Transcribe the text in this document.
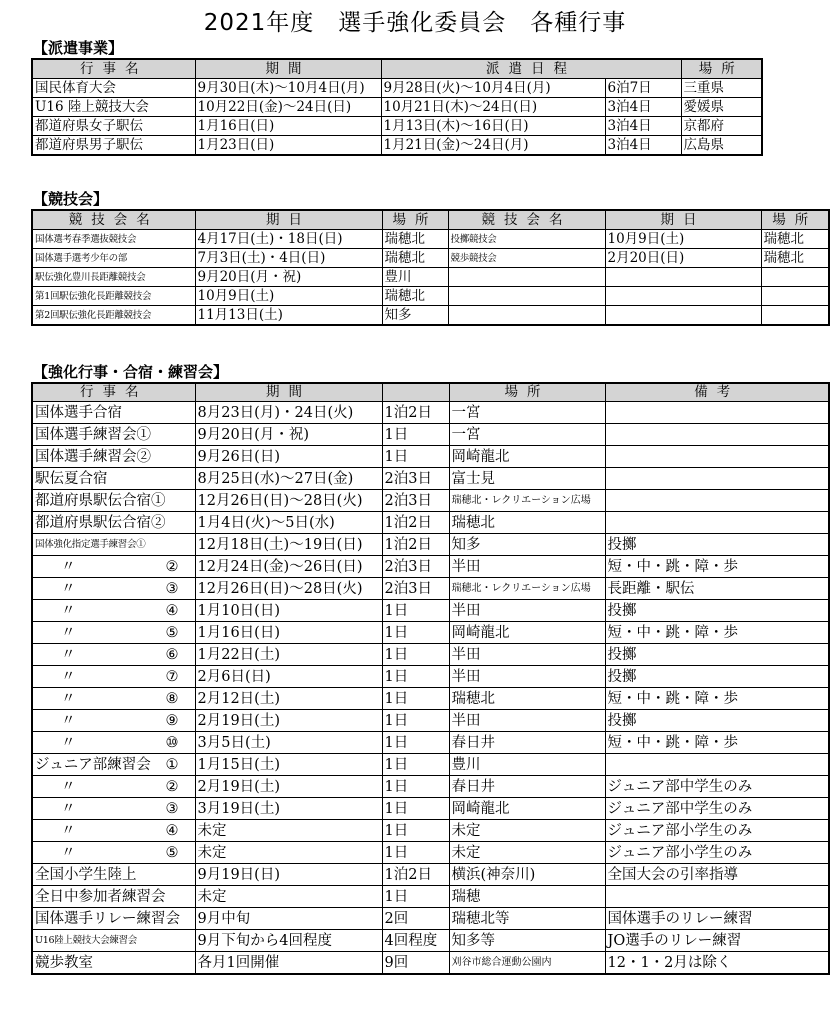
2021年度　選手強化委員会　各種行事
【派遣事業】
行事名	期間	派遣日程		場所
国民体育大会	9月30日(木)～10月4日(月)	9月28日(火)～10月4日(月)	6泊7日	三重県
U16 陸上競技大会	10月22日(金)～24日(日)	10月21日(木)～24日(日)	3泊4日	愛媛県
都道府県女子駅伝	1月16日(日)	1月13日(木)～16日(日)	3泊4日	京都府
都道府県男子駅伝	1月23日(日)	1月21日(金)～24日(月)	3泊4日	広島県
【競技会】
競技会名	期日	場所	競技会名	期日	場所
国体選考春季選抜競技会	4月17日(土)・18日(日)	瑞穂北	投擲競技会	10月9日(土)	瑞穂北
国体選手選考少年の部	7月3日(土)・4日(日)	瑞穂北	競歩競技会	2月20日(日)	瑞穂北
駅伝強化豊川長距離競技会	9月20日(月・祝)	豊川			
第1回駅伝強化長距離競技会	10月9日(土)	瑞穂北			
第2回駅伝強化長距離競技会	11月13日(土)	知多			
【強化行事・合宿・練習会】
行事名	期間		場所	備考
国体選手合宿	8月23日(月)・24日(火)	1泊2日	一宮	
国体選手練習会①	9月20日(月・祝)	1日	一宮	
国体選手練習会②	9月26日(日)	1日	岡崎龍北	
駅伝夏合宿	8月25日(水)～27日(金)	2泊3日	富士見	
都道府県駅伝合宿①	12月26日(日)～28日(火)	2泊3日	瑞穂北・レクリエーション広場	
都道府県駅伝合宿②	1月4日(火)～5日(水)	1泊2日	瑞穂北	
国体強化指定選手練習会①	12月18日(土)～19日(日)	1泊2日	知多	投擲

〃 ②	12月24日(金)～26日(日)	2泊3日	半田	短・中・跳・障・歩

〃 ③	12月26日(日)～28日(火)	2泊3日	瑞穂北・レクリエーション広場	長距離・駅伝

〃 ④	1月10日(日)	1日	半田	投擲

〃 ⑤	1月16日(日)	1日	岡崎龍北	短・中・跳・障・歩

〃 ⑥	1月22日(土)	1日	半田	投擲

〃 ⑦	2月6日(日)	1日	半田	投擲

〃 ⑧	2月12日(土)	1日	瑞穂北	短・中・跳・障・歩

〃 ⑨	2月19日(土)	1日	半田	投擲

〃 ⑩	3月5日(土)	1日	春日井	短・中・跳・障・歩

ジュニア部練習会 ①	1月15日(土)	1日	豊川	

〃 ②	2月19日(土)	1日	春日井	ジュニア部中学生のみ

〃 ③	3月19日(土)	1日	岡崎龍北	ジュニア部中学生のみ

〃 ④	未定	1日	未定	ジュニア部小学生のみ

〃 ⑤	未定	1日	未定	ジュニア部小学生のみ
全国小学生陸上	9月19日(日)	1泊2日	横浜(神奈川)	全国大会の引率指導
全日中参加者練習会	未定	1日	瑞穂	
国体選手リレー練習会	9月中旬	2回	瑞穂北等	国体選手のリレー練習
U16陸上競技大会練習会	9月下旬から4回程度	4回程度	知多等	JO選手のリレー練習
競歩教室	各月1回開催	9回	刈谷市総合運動公園内	12・1・2月は除く
